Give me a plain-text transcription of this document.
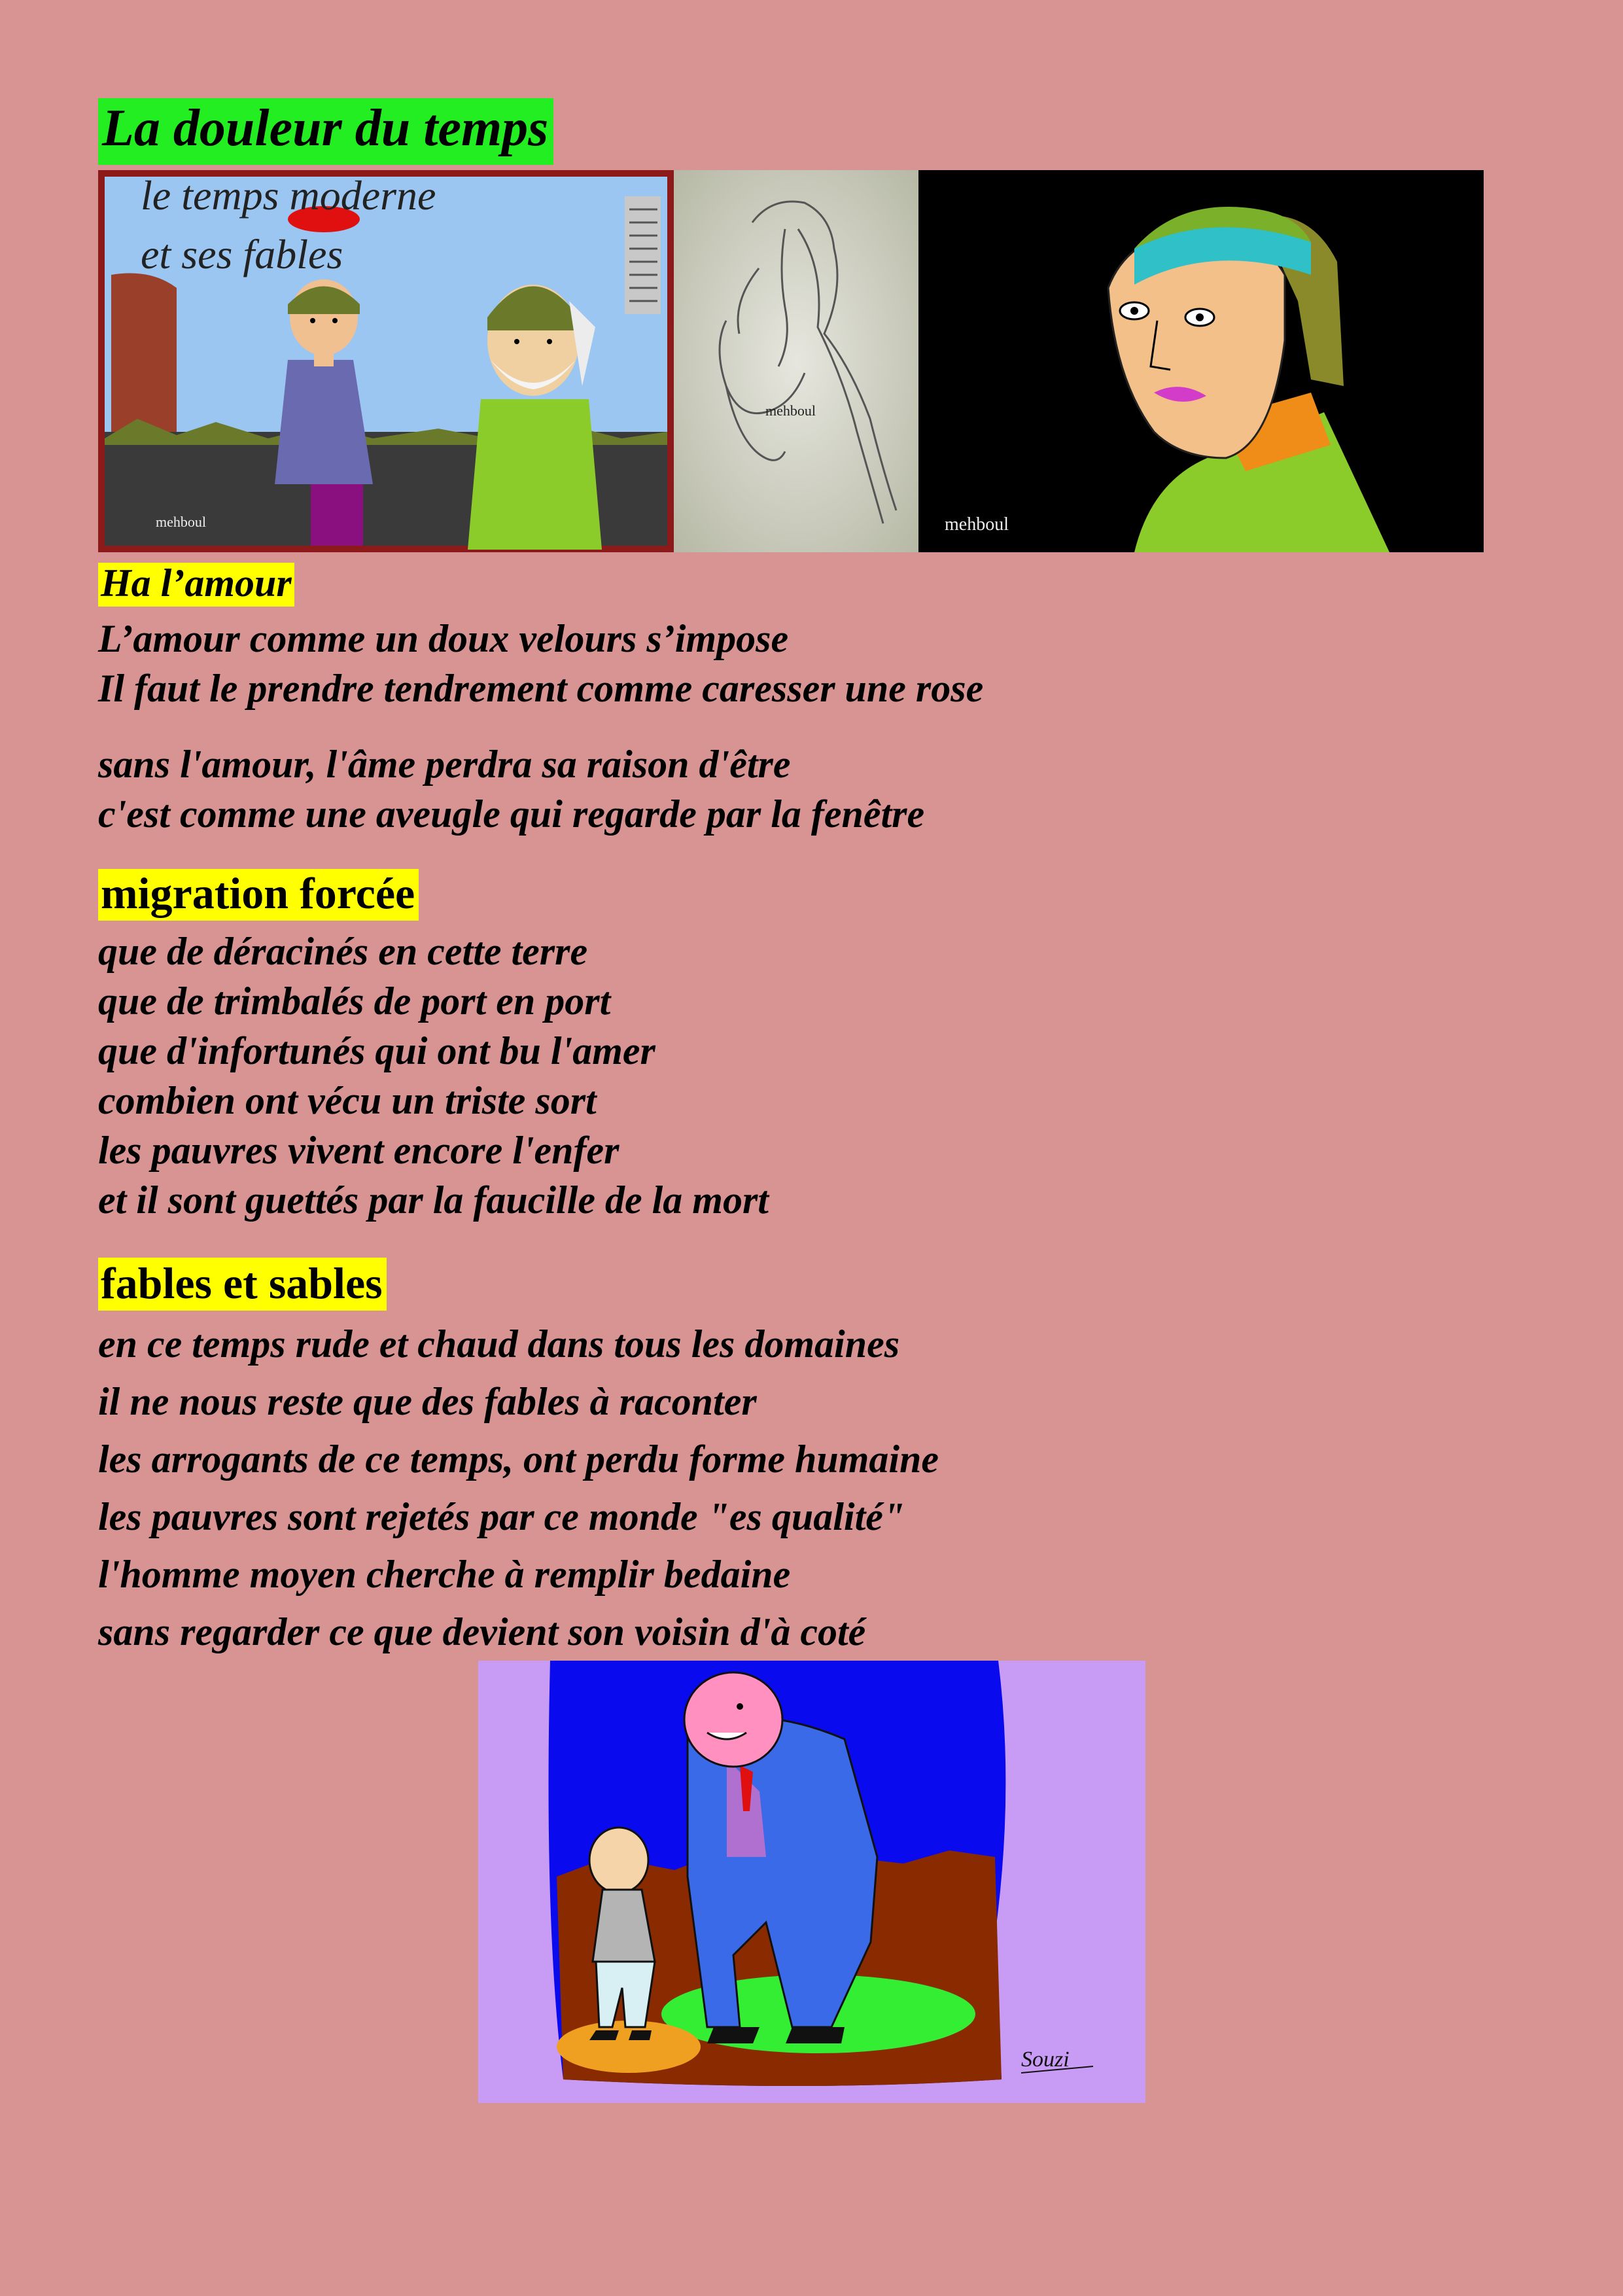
La douleur du temps
le temps moderne
et ses fables
mehboul
mehboul
mehboul
Ha l’amour
L’amour comme un doux velours s’impose
Il faut le prendre tendrement comme caresser une rose
sans l'amour, l'âme perdra sa raison d'être
c'est comme une aveugle qui regarde par la fenêtre
migration forcée
que de déracinés en cette terre
que de trimbalés de port en port
que d'infortunés qui ont bu l'amer
combien ont vécu un triste sort
les pauvres vivent encore l'enfer
et il sont guettés par la faucille de la mort
fables et sables
en ce temps rude et chaud dans tous les domaines
il ne nous reste que des fables à raconter
les arrogants de ce temps, ont perdu forme humaine
les pauvres sont rejetés par ce monde "es qualité"
l'homme moyen cherche à remplir bedaine
sans regarder ce que devient son voisin d'à coté
Souzi
